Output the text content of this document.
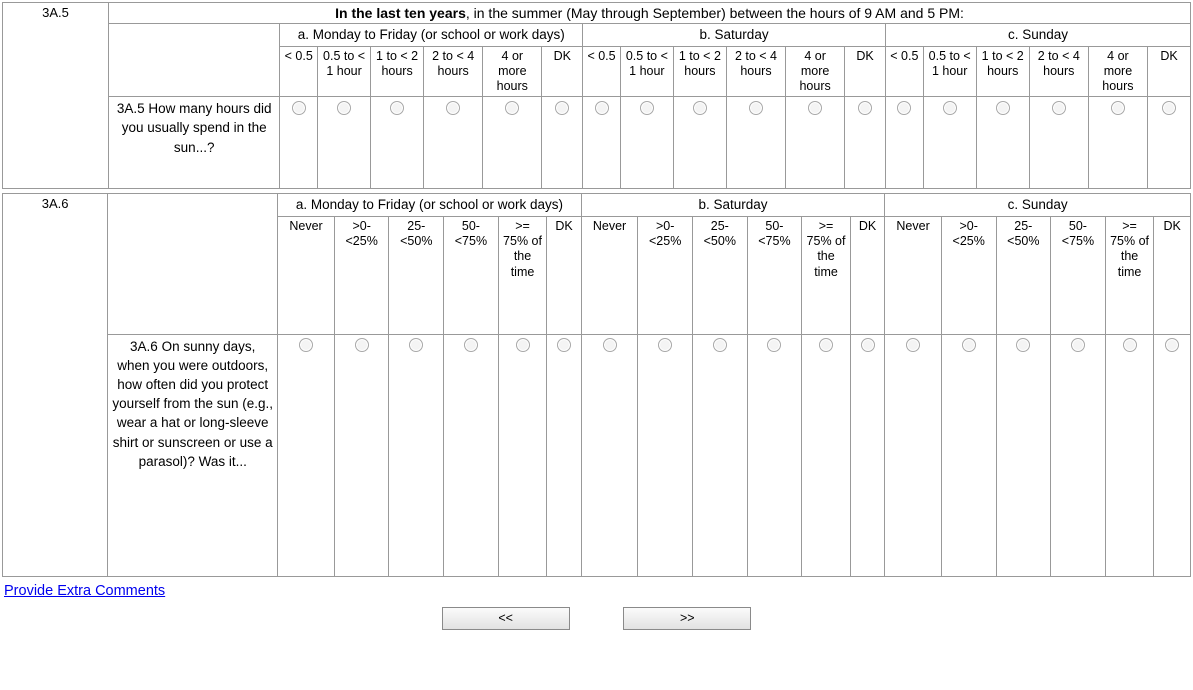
3A.5	In the last ten years, in the summer (May through September) between the hours of 9 AM and 5 PM:																		
		a. Monday to Friday (or school or work days)						b. Saturday						c. Sunday					
		< 0.5	0.5 to < 1 hour	1 to < 2 hours	2 to < 4 hours	4 or more hours	DK	< 0.5	0.5 to < 1 hour	1 to < 2 hours	2 to < 4 hours	4 or more hours	DK	< 0.5	0.5 to < 1 hour	1 to < 2 hours	2 to < 4 hours	4 or more hours	DK
	3A.5 How many hours did you usually spend in the sun...?																		
3A.6		a. Monday to Friday (or school or work days)						b. Saturday						c. Sunday					
		Never	>0-<25%	25-<50%	50-<75%	>= 75% of the time	DK	Never	>0-<25%	25-<50%	50-<75%	>= 75% of the time	DK	Never	>0-<25%	25-<50%	50-<75%	>= 75% of the time	DK
	3A.6 On sunny days, when you were outdoors, how often did you protect yourself from the sun (e.g., wear a hat or long-sleeve shirt or sunscreen or use a parasol)? Was it...																		
Provide Extra Comments
<<	>>
